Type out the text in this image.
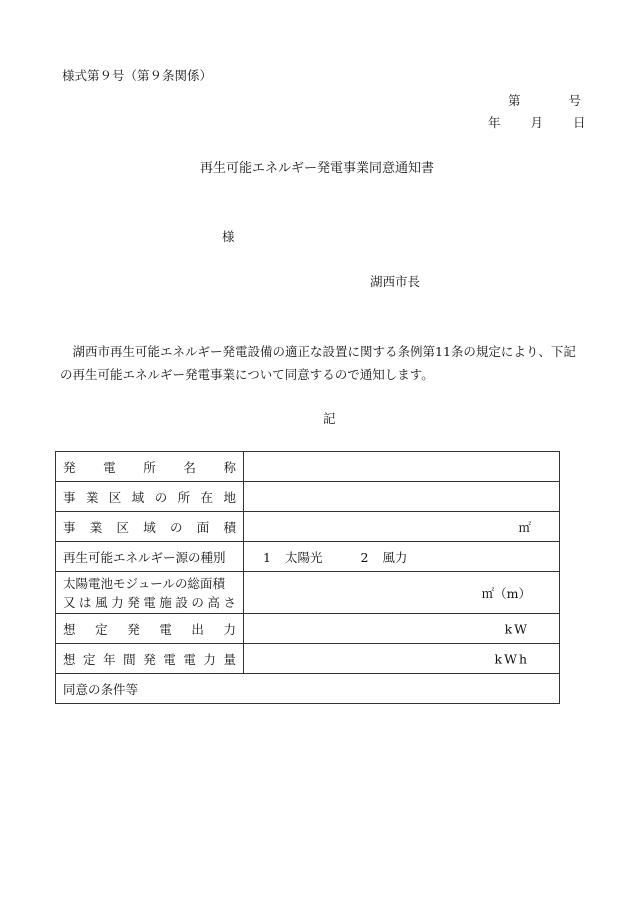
様式第９号（第９条関係）
第	号
年 月 日
再生可能エネルギー発電事業同意通知書
様
湖西市長
湖西市再生可能エネルギー発電設備の適正な設置に関する条例第11条の規定により、下記の再生可能エネルギー発電事業について同意するので通知します。
記
発電所名称	
事業区域の所在地	
事業区域の面積	㎡

再生可能エネルギー源の種別	1 太陽光 2 風力
太陽電池モジュールの総面積

又は風力発電施設の高さ	㎡（m）

想定発電出力	kW

想定年間発電電力量	kWh

同意の条件等	
